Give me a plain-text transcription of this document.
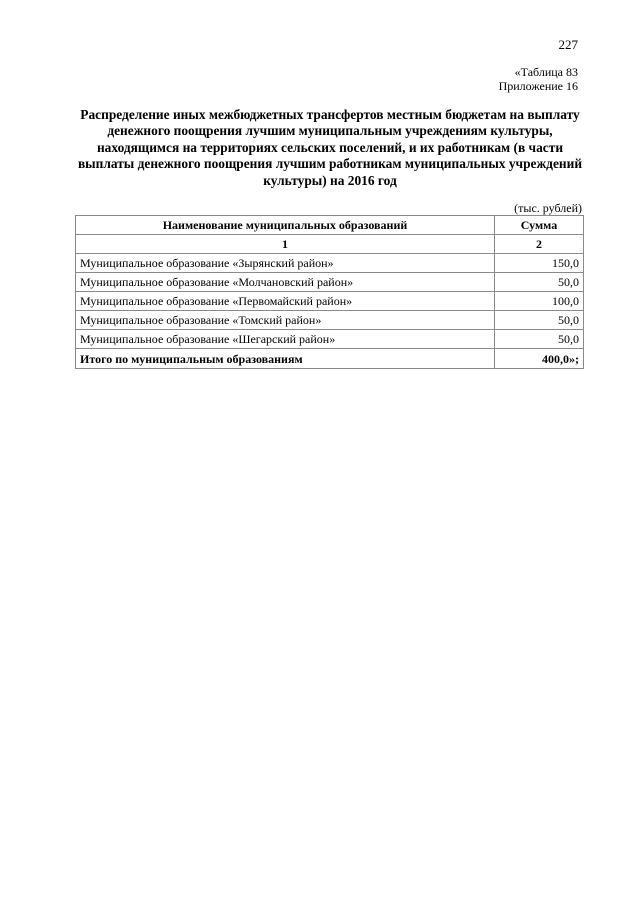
227
«Таблица 83
Приложение 16
Распределение иных межбюджетных трансфертов местным бюджетам на выплату денежного поощрения лучшим муниципальным учреждениям культуры, находящимся на территориях сельских поселений, и их работникам (в части выплаты денежного поощрения лучшим работникам муниципальных учреждений культуры) на 2016 год
(тыс. рублей)
Наименование муниципальных образований	Сумма
1	2
Муниципальное образование «Зырянский район»	150,0
Муниципальное образование «Молчановский район»	50,0
Муниципальное образование «Первомайский район»	100,0
Муниципальное образование «Томский район»	50,0
Муниципальное образование «Шегарский район»	50,0
Итого по муниципальным образованиям	400,0»;
